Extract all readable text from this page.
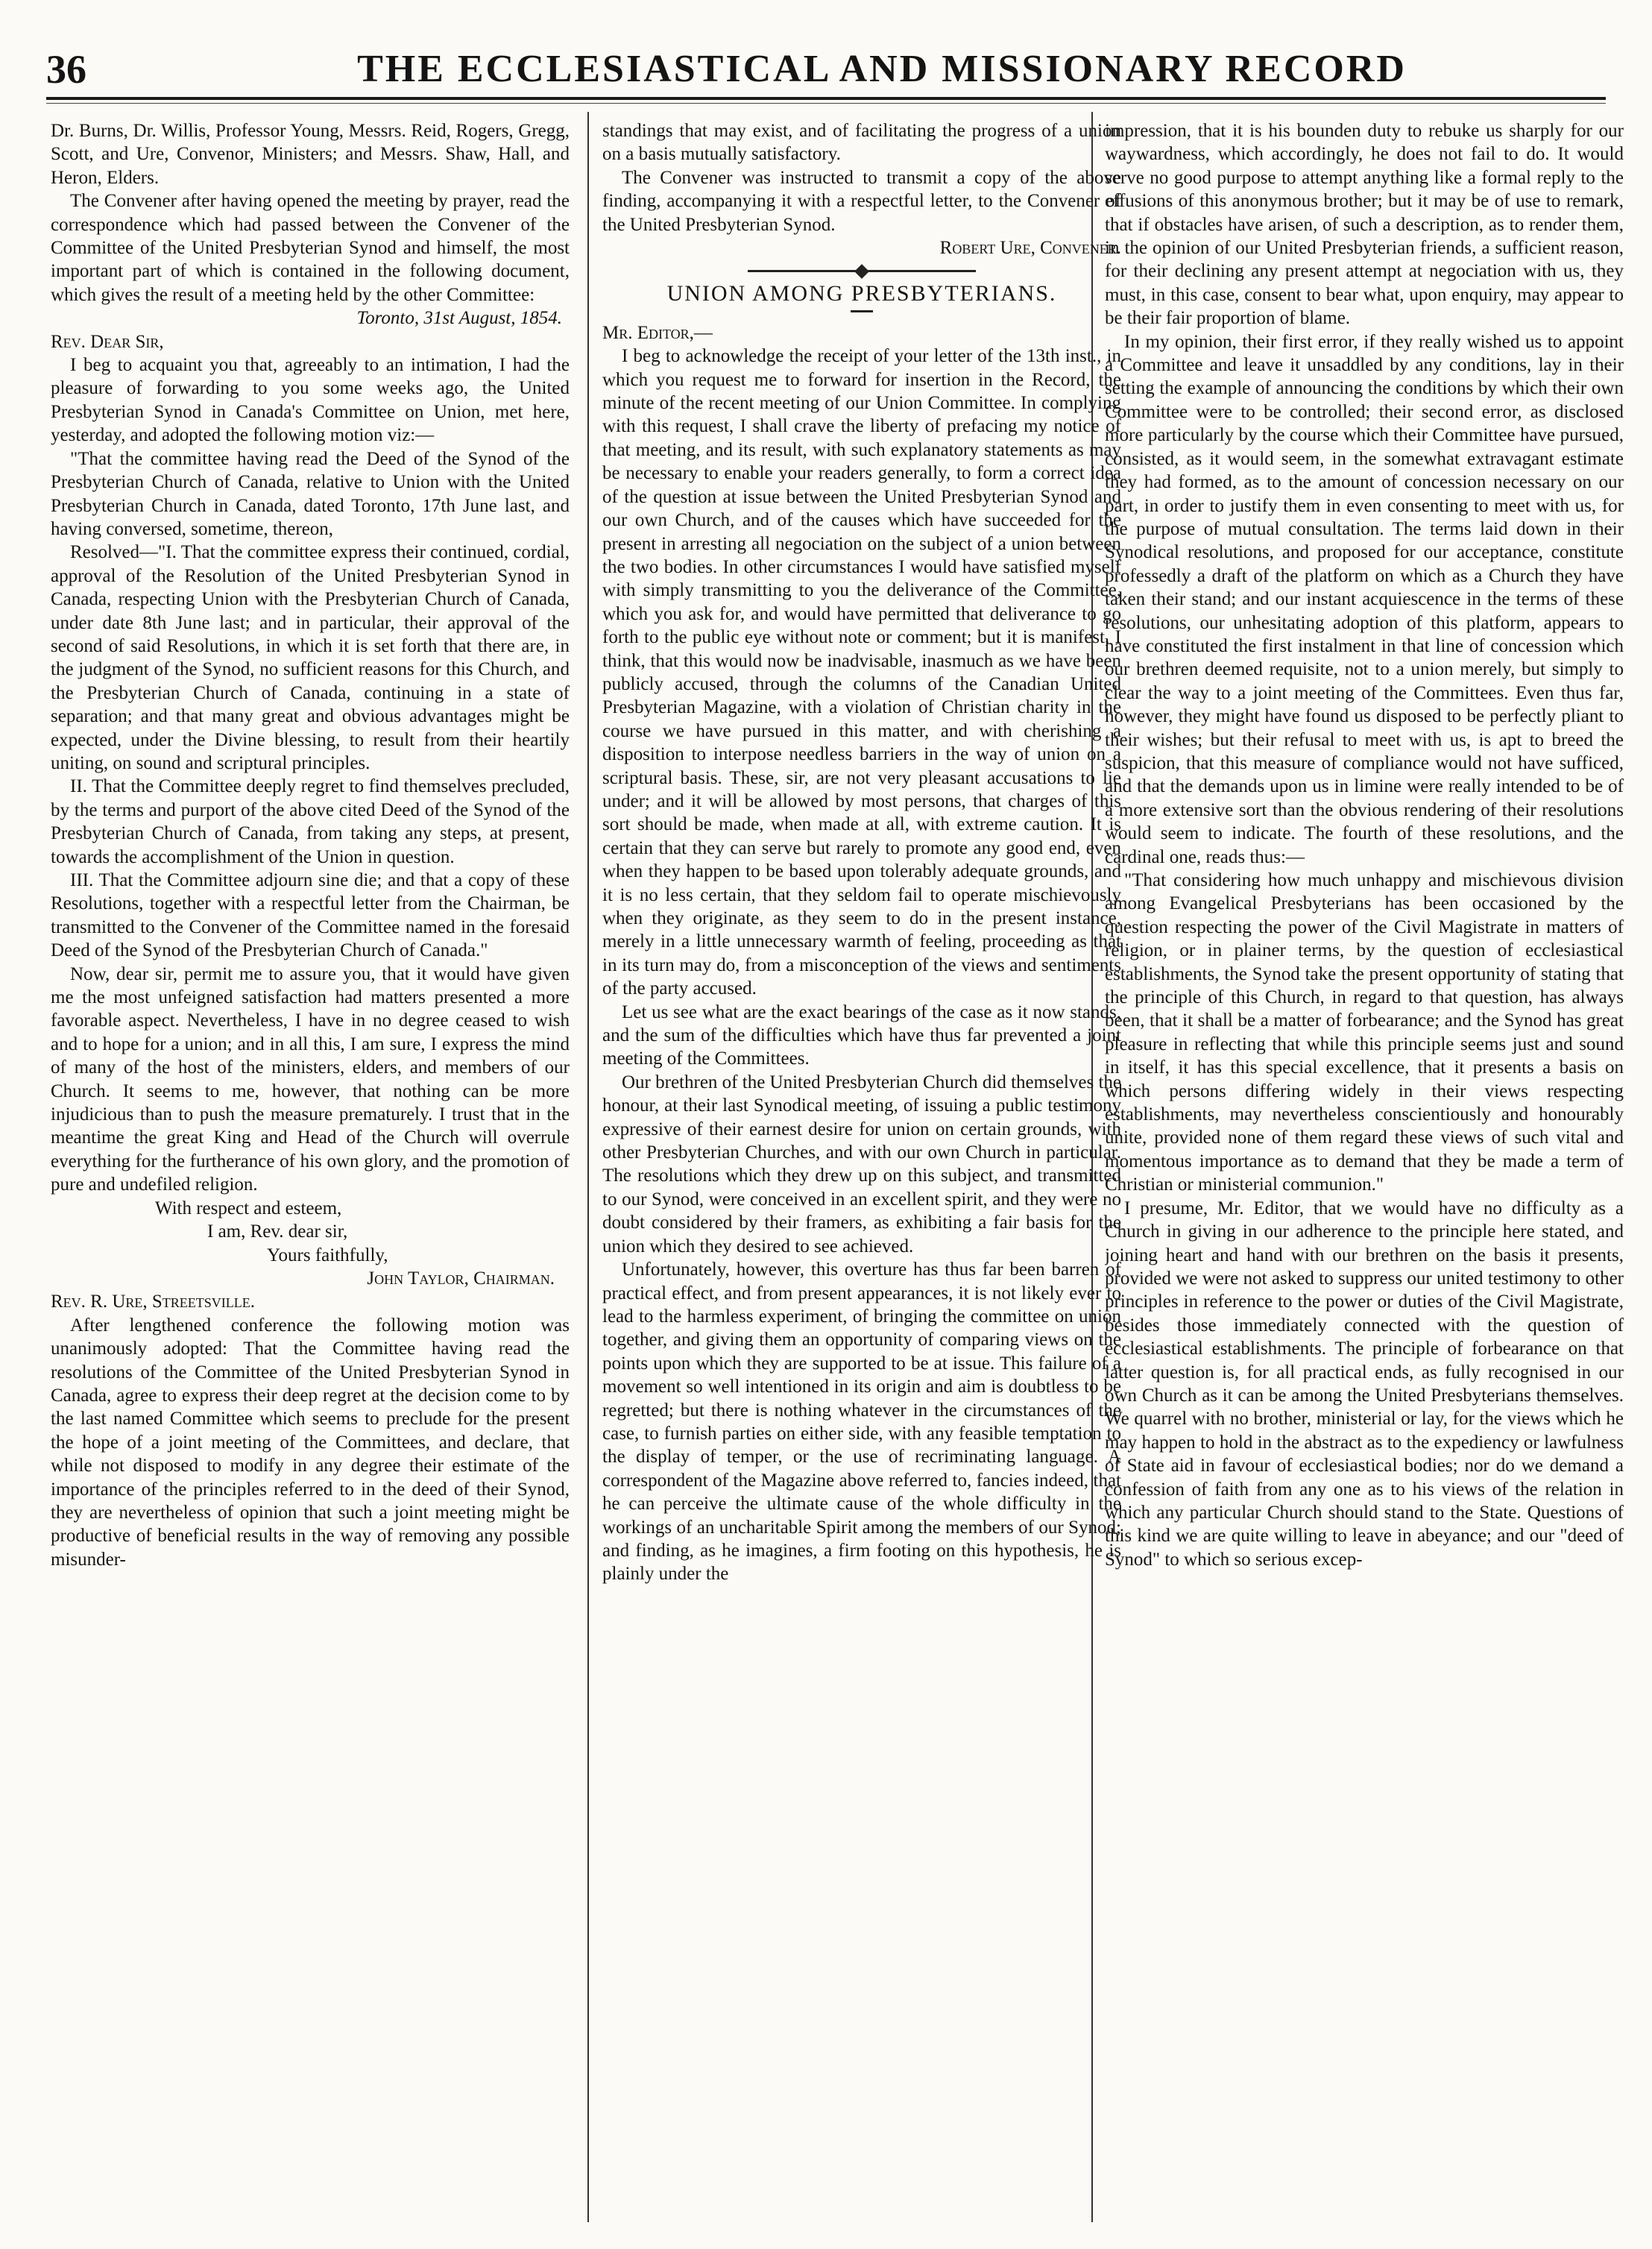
36	THE ECCLESIASTICAL AND MISSIONARY RECORD

Dr. Burns, Dr. Willis, Professor Young, Messrs. Reid, Rogers, Gregg, Scott, and Ure, Convenor, Ministers; and Messrs. Shaw, Hall, and Heron, Elders.

The Convener after having opened the meeting by prayer, read the correspondence which had passed between the Convener of the Committee of the United Presbyterian Synod and himself, the most important part of which is contained in the following document, which gives the result of a meeting held by the other Committee:

Toronto, 31st August, 1854.

Rev. Dear Sir,

I beg to acquaint you that, agreeably to an intimation, I had the pleasure of forwarding to you some weeks ago, the United Presbyterian Synod in Canada's Committee on Union, met here, yesterday, and adopted the following motion viz:—

"That the committee having read the Deed of the Synod of the Presbyterian Church of Canada, relative to Union with the United Presbyterian Church in Canada, dated Toronto, 17th June last, and having conversed, sometime, thereon,

Resolved—"I. That the committee express their continued, cordial, approval of the Resolution of the United Presbyterian Synod in Canada, respecting Union with the Presbyterian Church of Canada, under date 8th June last; and in particular, their approval of the second of said Resolutions, in which it is set forth that there are, in the judgment of the Synod, no sufficient reasons for this Church, and the Presbyterian Church of Canada, continuing in a state of separation; and that many great and obvious advantages might be expected, under the Divine blessing, to result from their heartily uniting, on sound and scriptural principles.

II. That the Committee deeply regret to find themselves precluded, by the terms and purport of the above cited Deed of the Synod of the Presbyterian Church of Canada, from taking any steps, at present, towards the accomplishment of the Union in question.

III. That the Committee adjourn sine die; and that a copy of these Resolutions, together with a respectful letter from the Chairman, be transmitted to the Convener of the Committee named in the foresaid Deed of the Synod of the Presbyterian Church of Canada."

Now, dear sir, permit me to assure you, that it would have given me the most unfeigned satisfaction had matters presented a more favorable aspect. Nevertheless, I have in no degree ceased to wish and to hope for a union; and in all this, I am sure, I express the mind of many of the host of the ministers, elders, and members of our Church. It seems to me, however, that nothing can be more injudicious than to push the measure prematurely. I trust that in the meantime the great King and Head of the Church will overrule everything for the furtherance of his own glory, and the promotion of pure and undefiled religion.

With respect and esteem,

I am, Rev. dear sir,

Yours faithfully,

John Taylor, Chairman.

Rev. R. Ure, Streetsville.

After lengthened conference the following motion was unanimously adopted: That the Committee having read the resolutions of the Committee of the United Presbyterian Synod in Canada, agree to express their deep regret at the decision come to by the last named Committee which seems to preclude for the present the hope of a joint meeting of the Committees, and declare, that while not disposed to modify in any degree their estimate of the importance of the principles referred to in the deed of their Synod, they are nevertheless of opinion that such a joint meeting might be productive of beneficial results in the way of removing any possible misunder-

standings that may exist, and of facilitating the progress of a union on a basis mutually satisfactory.

The Convener was instructed to transmit a copy of the above finding, accompanying it with a respectful letter, to the Convener of the United Presbyterian Synod.

Robert Ure, Convener.

UNION AMONG PRESBYTERIANS.

Mr. Editor,—

I beg to acknowledge the receipt of your letter of the 13th inst., in which you request me to forward for insertion in the Record, the minute of the recent meeting of our Union Committee. In complying with this request, I shall crave the liberty of prefacing my notice of that meeting, and its result, with such explanatory statements as may be necessary to enable your readers generally, to form a correct idea of the question at issue between the United Presbyterian Synod and our own Church, and of the causes which have succeeded for the present in arresting all negociation on the subject of a union between the two bodies. In other circumstances I would have satisfied myself with simply transmitting to you the deliverance of the Committee, which you ask for, and would have permitted that deliverance to go forth to the public eye without note or comment; but it is manifest, I think, that this would now be inadvisable, inasmuch as we have been publicly accused, through the columns of the Canadian United Presbyterian Magazine, with a violation of Christian charity in the course we have pursued in this matter, and with cherishing a disposition to interpose needless barriers in the way of union on a scriptural basis. These, sir, are not very pleasant accusations to lie under; and it will be allowed by most persons, that charges of this sort should be made, when made at all, with extreme caution. It is certain that they can serve but rarely to promote any good end, even when they happen to be based upon tolerably adequate grounds, and it is no less certain, that they seldom fail to operate mischievously when they originate, as they seem to do in the present instance, merely in a little unnecessary warmth of feeling, proceeding as that in its turn may do, from a misconception of the views and sentiments of the party accused.

Let us see what are the exact bearings of the case as it now stands, and the sum of the difficulties which have thus far prevented a joint meeting of the Committees.

Our brethren of the United Presbyterian Church did themselves the honour, at their last Synodical meeting, of issuing a public testimony expressive of their earnest desire for union on certain grounds, with other Presbyterian Churches, and with our own Church in particular. The resolutions which they drew up on this subject, and transmitted to our Synod, were conceived in an excellent spirit, and they were no doubt considered by their framers, as exhibiting a fair basis for the union which they desired to see achieved.

Unfortunately, however, this overture has thus far been barren of practical effect, and from present appearances, it is not likely ever to lead to the harmless experiment, of bringing the committee on union together, and giving them an opportunity of comparing views on the points upon which they are supported to be at issue. This failure of a movement so well intentioned in its origin and aim is doubtless to be regretted; but there is nothing whatever in the circumstances of the case, to furnish parties on either side, with any feasible temptation to the display of temper, or the use of recriminating language. A correspondent of the Magazine above referred to, fancies indeed, that he can perceive the ultimate cause of the whole difficulty in the workings of an uncharitable Spirit among the members of our Synod; and finding, as he imagines, a firm footing on this hypothesis, he is plainly under the

impression, that it is his bounden duty to rebuke us sharply for our waywardness, which accordingly, he does not fail to do. It would serve no good purpose to attempt anything like a formal reply to the effusions of this anonymous brother; but it may be of use to remark, that if obstacles have arisen, of such a description, as to render them, in the opinion of our United Presbyterian friends, a sufficient reason, for their declining any present attempt at negociation with us, they must, in this case, consent to bear what, upon enquiry, may appear to be their fair proportion of blame.

In my opinion, their first error, if they really wished us to appoint a Committee and leave it unsaddled by any conditions, lay in their setting the example of announcing the conditions by which their own Committee were to be controlled; their second error, as disclosed more particularly by the course which their Committee have pursued, consisted, as it would seem, in the somewhat extravagant estimate they had formed, as to the amount of concession necessary on our part, in order to justify them in even consenting to meet with us, for the purpose of mutual consultation. The terms laid down in their Synodical resolutions, and proposed for our acceptance, constitute professedly a draft of the platform on which as a Church they have taken their stand; and our instant acquiescence in the terms of these resolutions, our unhesitating adoption of this platform, appears to have constituted the first instalment in that line of concession which our brethren deemed requisite, not to a union merely, but simply to clear the way to a joint meeting of the Committees. Even thus far, however, they might have found us disposed to be perfectly pliant to their wishes; but their refusal to meet with us, is apt to breed the suspicion, that this measure of compliance would not have sufficed, and that the demands upon us in limine were really intended to be of a more extensive sort than the obvious rendering of their resolutions would seem to indicate. The fourth of these resolutions, and the cardinal one, reads thus:—

"That considering how much unhappy and mischievous division among Evangelical Presbyterians has been occasioned by the question respecting the power of the Civil Magistrate in matters of religion, or in plainer terms, by the question of ecclesiastical establishments, the Synod take the present opportunity of stating that the principle of this Church, in regard to that question, has always been, that it shall be a matter of forbearance; and the Synod has great pleasure in reflecting that while this principle seems just and sound in itself, it has this special excellence, that it presents a basis on which persons differing widely in their views respecting establishments, may nevertheless conscientiously and honourably unite, provided none of them regard these views of such vital and momentous importance as to demand that they be made a term of Christian or ministerial communion."

I presume, Mr. Editor, that we would have no difficulty as a Church in giving in our adherence to the principle here stated, and joining heart and hand with our brethren on the basis it presents, provided we were not asked to suppress our united testimony to other principles in reference to the power or duties of the Civil Magistrate, besides those immediately connected with the question of ecclesiastical establishments. The principle of forbearance on that latter question is, for all practical ends, as fully recognised in our own Church as it can be among the United Presbyterians themselves. We quarrel with no brother, ministerial or lay, for the views which he may happen to hold in the abstract as to the expediency or lawfulness of State aid in favour of ecclesiastical bodies; nor do we demand a confession of faith from any one as to his views of the relation in which any particular Church should stand to the State. Questions of this kind we are quite willing to leave in abeyance; and our "deed of Synod" to which so serious excep-
